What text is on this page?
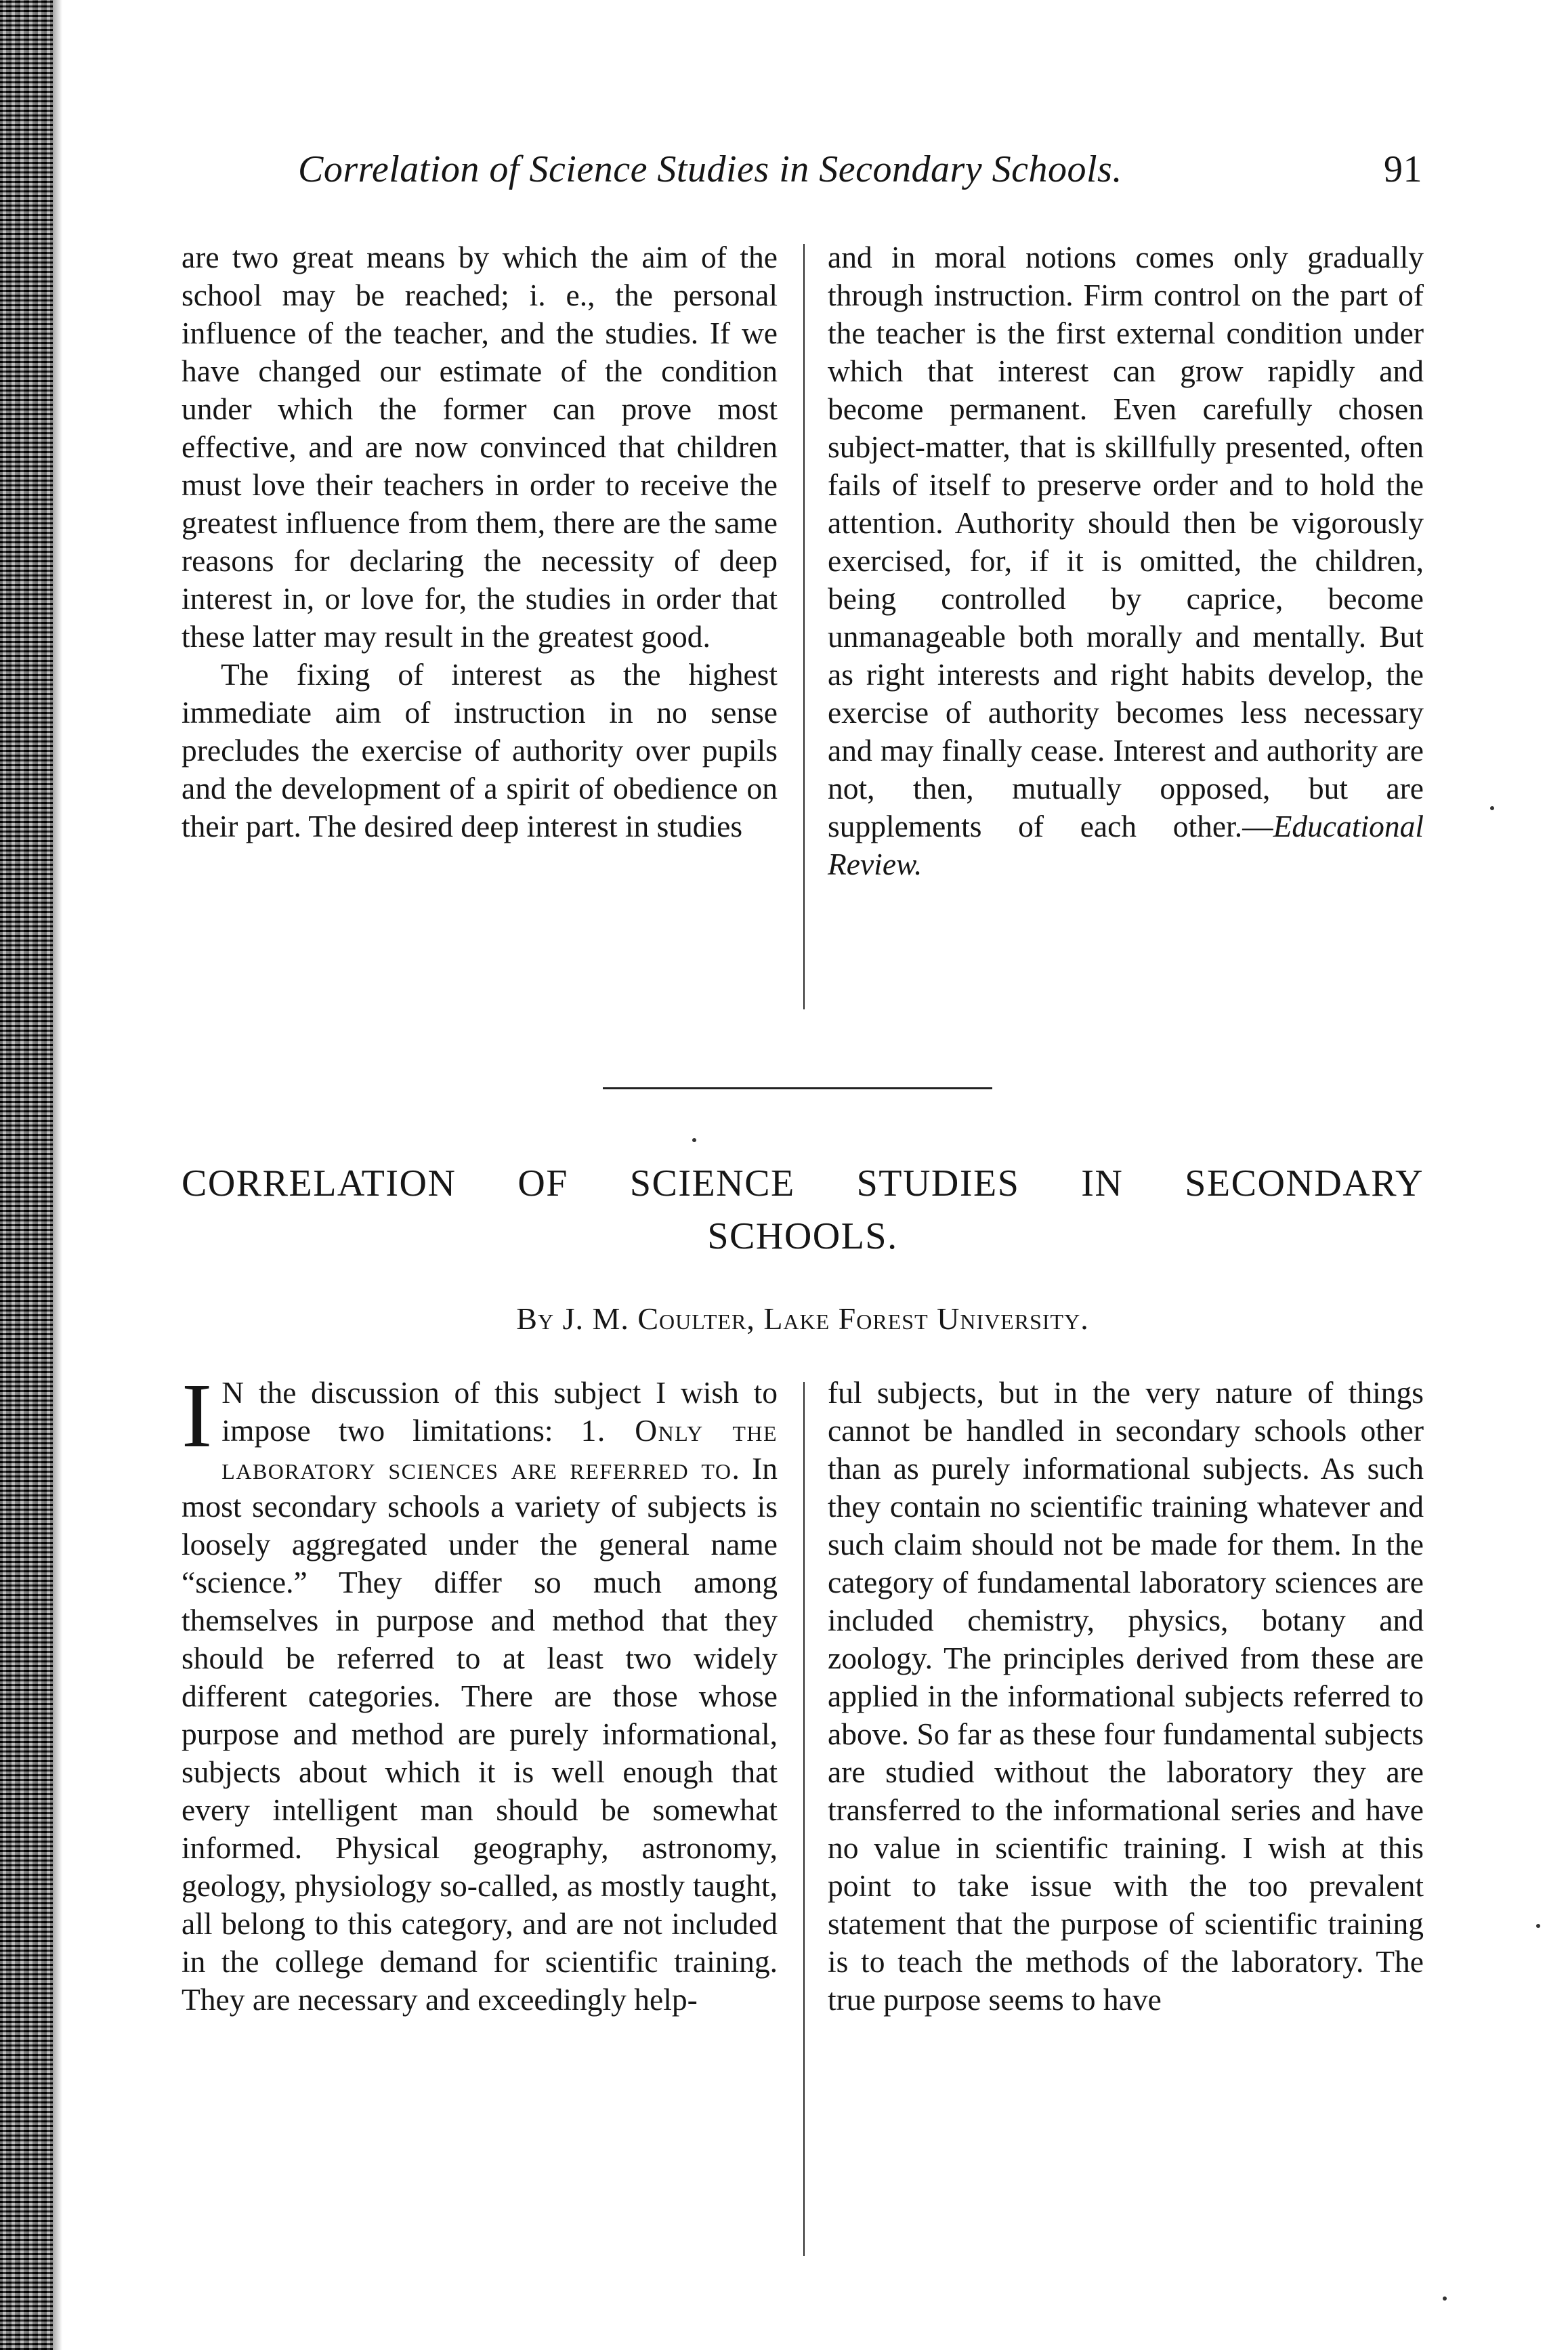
Correlation of Science Studies in Secondary Schools.	91

are two great means by which the aim of the school may be reached; i. e., the personal influence of the teacher, and the studies. If we have changed our estimate of the condition under which the former can prove most effective, and are now convinced that children must love their teachers in order to receive the greatest influence from them, there are the same reasons for declaring the necessity of deep interest in, or love for, the studies in order that these latter may result in the greatest good.

The fixing of interest as the highest immediate aim of instruction in no sense precludes the exercise of authority over pupils and the development of a spirit of obedience on their part. The desired deep interest in studies

and in moral notions comes only gradually through instruction. Firm control on the part of the teacher is the first external condition under which that interest can grow rapidly and become permanent. Even carefully chosen subject-matter, that is skillfully presented, often fails of itself to preserve order and to hold the attention. Authority should then be vigorously exercised, for, if it is omitted, the children, being controlled by caprice, become unmanageable both morally and mentally. But as right interests and right habits develop, the exercise of authority becomes less necessary and may finally cease. Interest and authority are not, then, mutually opposed, but are supplements of each other.—Educational Review.

CORRELATION OF SCIENCE STUDIES IN SECONDARY
SCHOOLS.
By J. M. Coulter, Lake Forest University.

I N the discussion of this subject I wish to impose two limitations: 1. Only the laboratory sciences are referred to. In most secondary schools a variety of subjects is loosely aggregated under the general name “science.” They differ so much among themselves in purpose and method that they should be referred to at least two widely different categories. There are those whose purpose and method are purely informational, subjects about which it is well enough that every intelligent man should be somewhat informed. Physical geography, astronomy, geology, physiology so-called, as mostly taught, all belong to this category, and are not included in the college demand for scientific training. They are necessary and exceedingly help-

ful subjects, but in the very nature of things cannot be handled in secondary schools other than as purely informational subjects. As such they contain no scientific training whatever and such claim should not be made for them. In the category of fundamental laboratory sciences are included chemistry, physics, botany and zoology. The principles derived from these are applied in the informational subjects referred to above. So far as these four fundamental subjects are studied without the laboratory they are transferred to the informational series and have no value in scientific training. I wish at this point to take issue with the too prevalent statement that the purpose of scientific training is to teach the methods of the laboratory. The true purpose seems to have
